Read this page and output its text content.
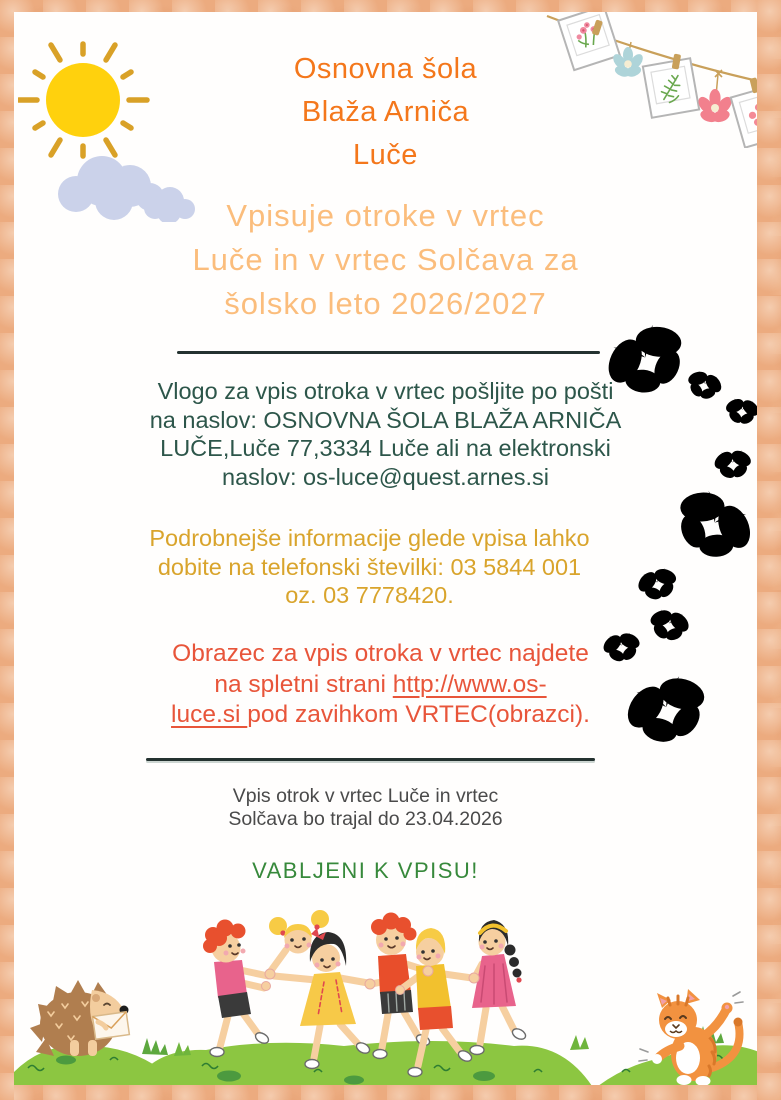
Osnovna šola
Blaža Arniča
Luče
Vpisuje otroke v vrtec
Luče in v vrtec Solčava za
šolsko leto 2026/2027
Vlogo za vpis otroka v vrtec pošljite po pošti
na naslov: OSNOVNA ŠOLA BLAŽA ARNIČA
LUČE,Luče 77,3334 Luče ali na elektronski
naslov: os-luce@quest.arnes.si
Podrobnejše informacije glede vpisa lahko
dobite na telefonski številki: 03 5844 001
oz. 03 7778420.
Obrazec za vpis otroka v vrtec najdete
na spletni strani http://www.os-
luce.si pod zavihkom VRTEC(obrazci).
Vpis otrok v vrtec Luče in vrtec
Solčava bo trajal do 23.04.2026
VABLJENI K VPISU!
